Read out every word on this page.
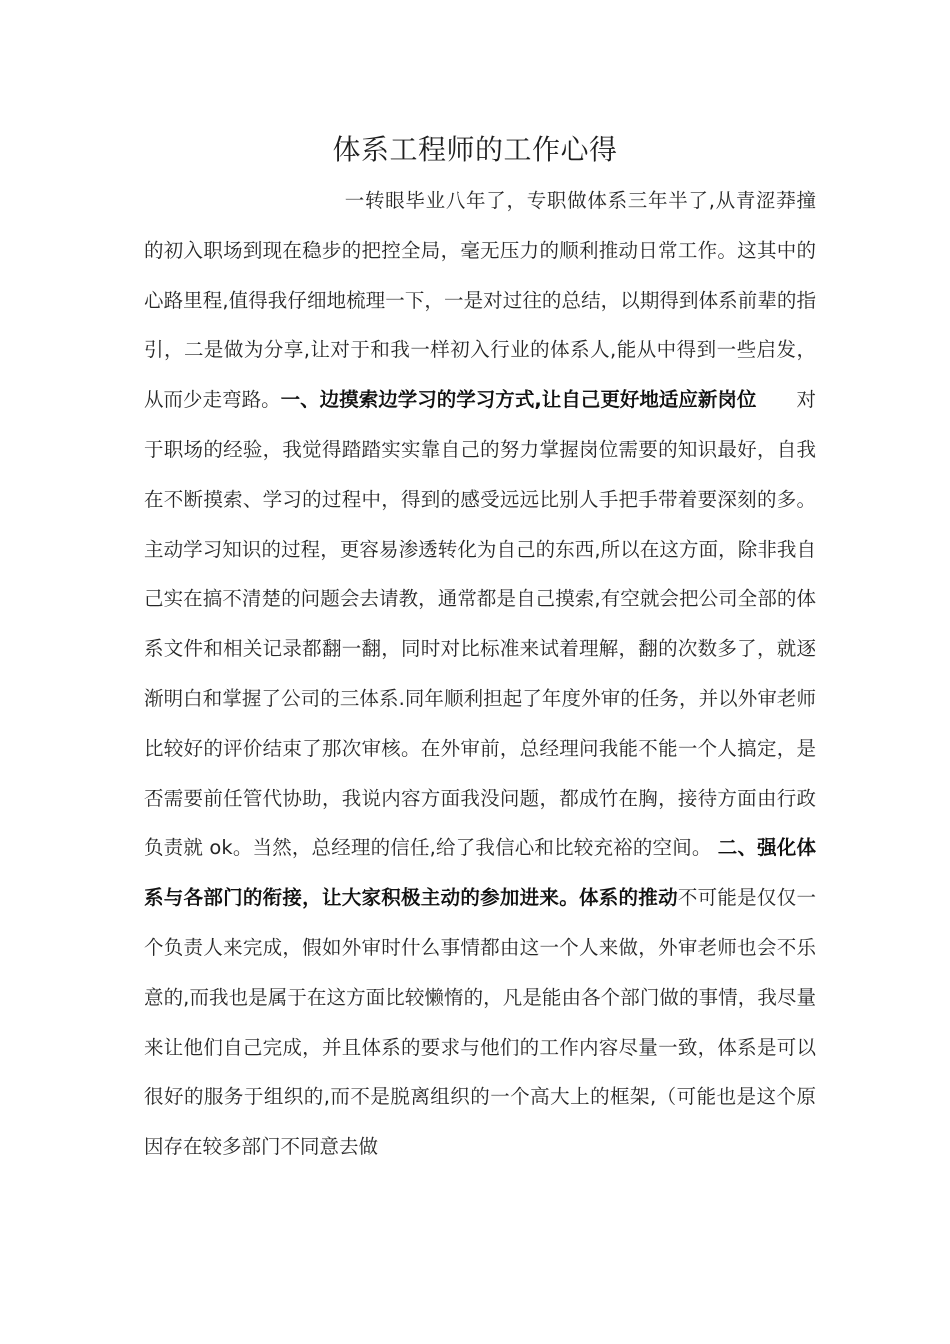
体系工程师的工作心得

一转眼毕业八年了，专职做体系三年半了,从青涩莽撞的初入职场到现在稳步的把控全局，毫无压力的顺利推动日常工作。这其中的心路里程,值得我仔细地梳理一下，一是对过往的总结，以期得到体系前辈的指引，二是做为分享,让对于和我一样初入行业的体系人,能从中得到一些启发，从而少走弯路。一、边摸索边学习的学习方式,让自己更好地适应新岗位 对于职场的经验，我觉得踏踏实实靠自己的努力掌握岗位需要的知识最好，自我在不断摸索、学习的过程中，得到的感受远远比别人手把手带着要深刻的多。主动学习知识的过程，更容易渗透转化为自己的东西,所以在这方面，除非我自己实在搞不清楚的问题会去请教，通常都是自己摸索,有空就会把公司全部的体系文件和相关记录都翻一翻，同时对比标准来试着理解，翻的次数多了，就逐渐明白和掌握了公司的三体系.同年顺利担起了年度外审的任务，并以外审老师比较好的评价结束了那次审核。在外审前，总经理问我能不能一个人搞定，是否需要前任管代协助，我说内容方面我没问题，都成竹在胸，接待方面由行政负责就 ok。当然，总经理的信任,给了我信心和比较充裕的空间。 二、强化体系与各部门的衔接，让大家积极主动的参加进来。体系的推动不可能是仅仅一个负责人来完成，假如外审时什么事情都由这一个人来做，外审老师也会不乐意的,而我也是属于在这方面比较懒惰的，凡是能由各个部门做的事情，我尽量来让他们自己完成，并且体系的要求与他们的工作内容尽量一致，体系是可以很好的服务于组织的,而不是脱离组织的一个高大上的框架,（可能也是这个原因存在较多部门不同意去做
